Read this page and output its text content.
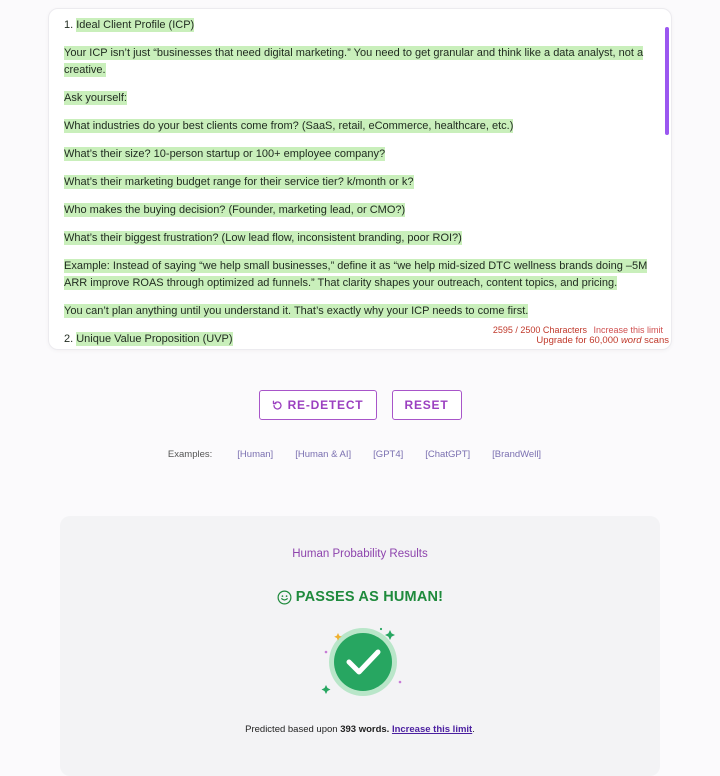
1. Ideal Client Profile (ICP)
Your ICP isn’t just “businesses that need digital marketing.” You need to get granular and think like a data analyst, not a creative.
Ask yourself:
What industries do your best clients come from? (SaaS, retail, eCommerce, healthcare, etc.)
What’s their size? 10-person startup or 100+ employee company?
What’s their marketing budget range for their service tier? k/month or k?
Who makes the buying decision? (Founder, marketing lead, or CMO?)
What’s their biggest frustration? (Low lead flow, inconsistent branding, poor ROI?)
Example: Instead of saying “we help small businesses,” define it as “we help mid-sized DTC wellness brands doing –5M ARR improve ROAS through optimized ad funnels.” That clarity shapes your outreach, content topics, and pricing.
You can’t plan anything until you understand it. That’s exactly why your ICP needs to come first.
2. Unique Value Proposition (UVP)
2595 / 2500 Characters Increase this limit
Upgrade for 60,000 word scans
RE-DETECT	RESET
Examples:	[Human] [Human & AI] [GPT4] [ChatGPT] [BrandWell]
Human Probability Results
PASSES AS HUMAN!
Predicted based upon 393 words. Increase this limit.
